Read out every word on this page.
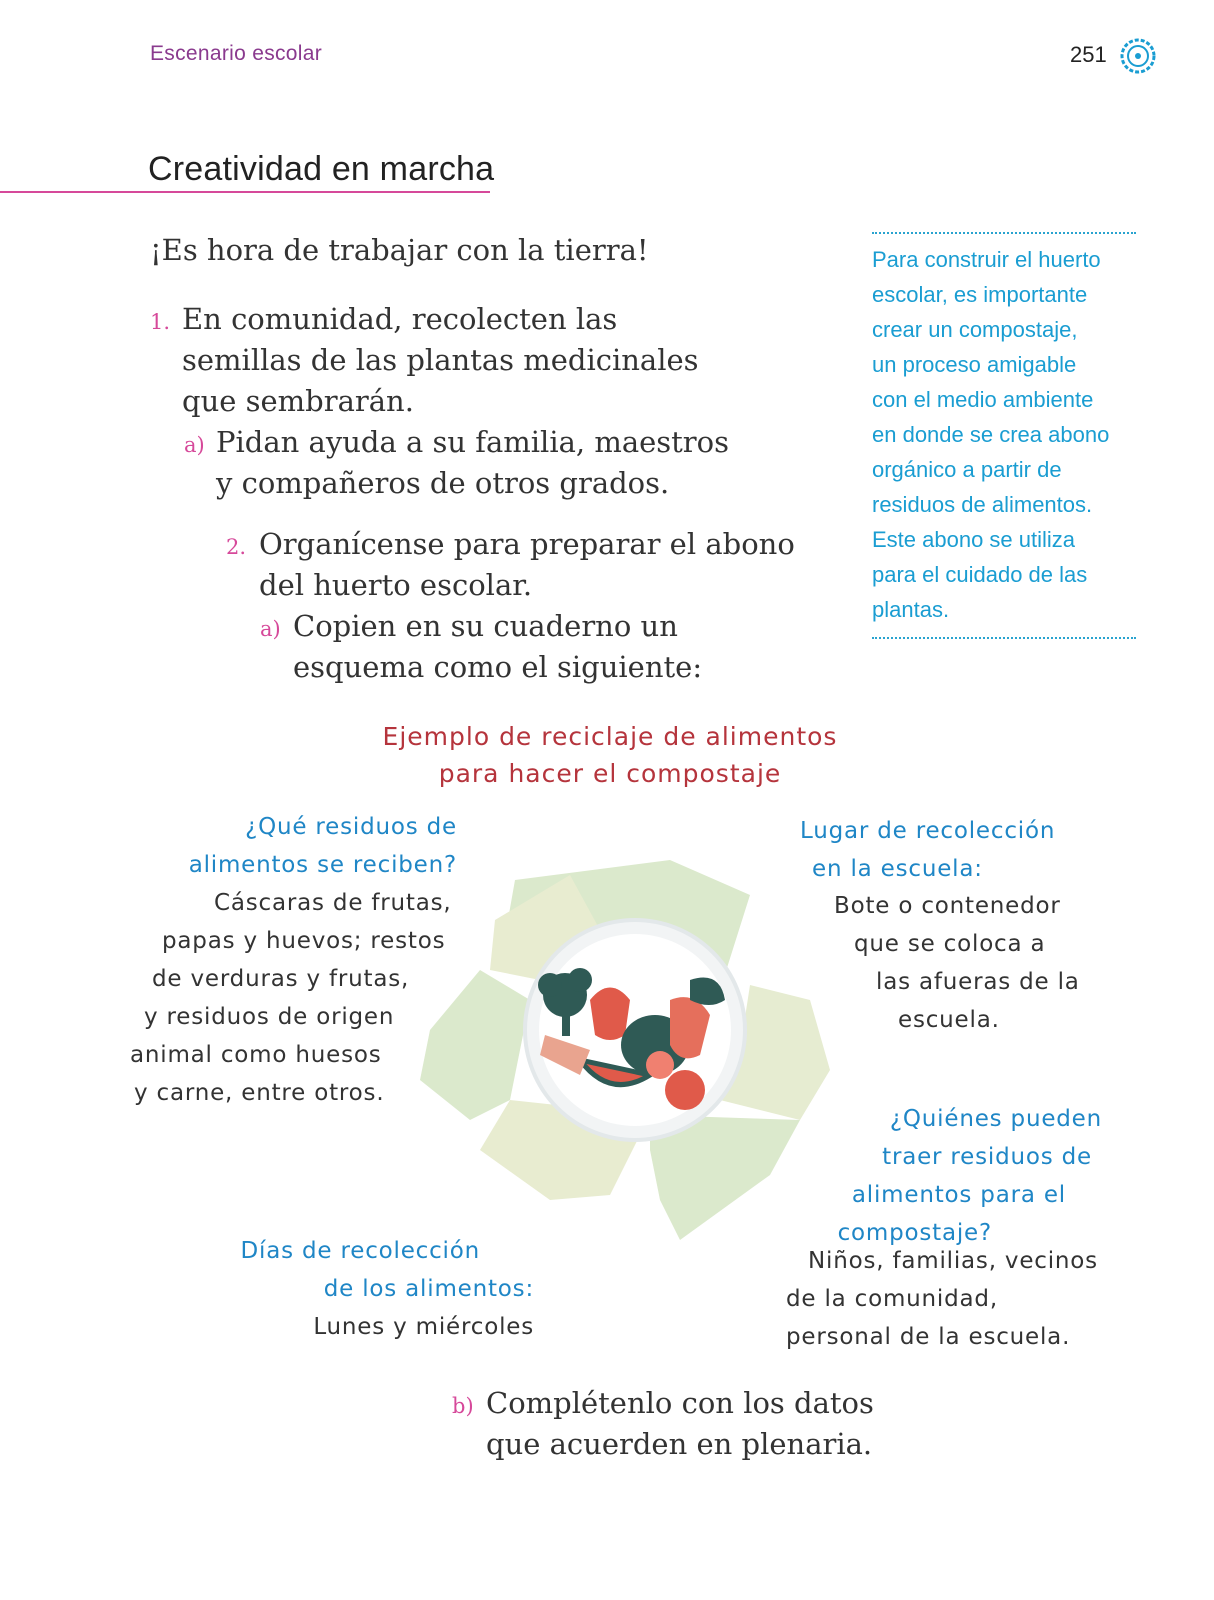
Escenario escolar	251
Creatividad en marcha
¡Es hora de trabajar con la tierra!
1. En comunidad, recolecten las
semillas de las plantas medicinales
que sembrarán.
a) Pidan ayuda a su familia, maestros
y compañeros de otros grados.
2. Organícense para preparar el abono
del huerto escolar.
a) Copien en su cuaderno un
esquema como el siguiente:

Para construir el huerto

escolar, es importante

crear un compostaje,

un proceso amigable

con el medio ambiente

en donde se crea abono

orgánico a partir de

residuos de alimentos.

Este abono se utiliza

para el cuidado de las

plantas.

Ejemplo de reciclaje de alimentos
para hacer el compostaje
¿Qué residuos de
alimentos se reciben?
Cáscaras de frutas,
papas y huevos; restos
de verduras y frutas,
y residuos de origen
animal como huesos
y carne, entre otros.
Lugar de recolección
en la escuela:
Bote o contenedor
que se coloca a
las afueras de la
escuela.
¿Quiénes pueden
traer residuos de
alimentos para el
compostaje?
Niños, familias, vecinos
de la comunidad,
personal de la escuela.
Días de recolección
de los alimentos:
Lunes y miércoles
b) Complétenlo con los datos
que acuerden en plenaria.
